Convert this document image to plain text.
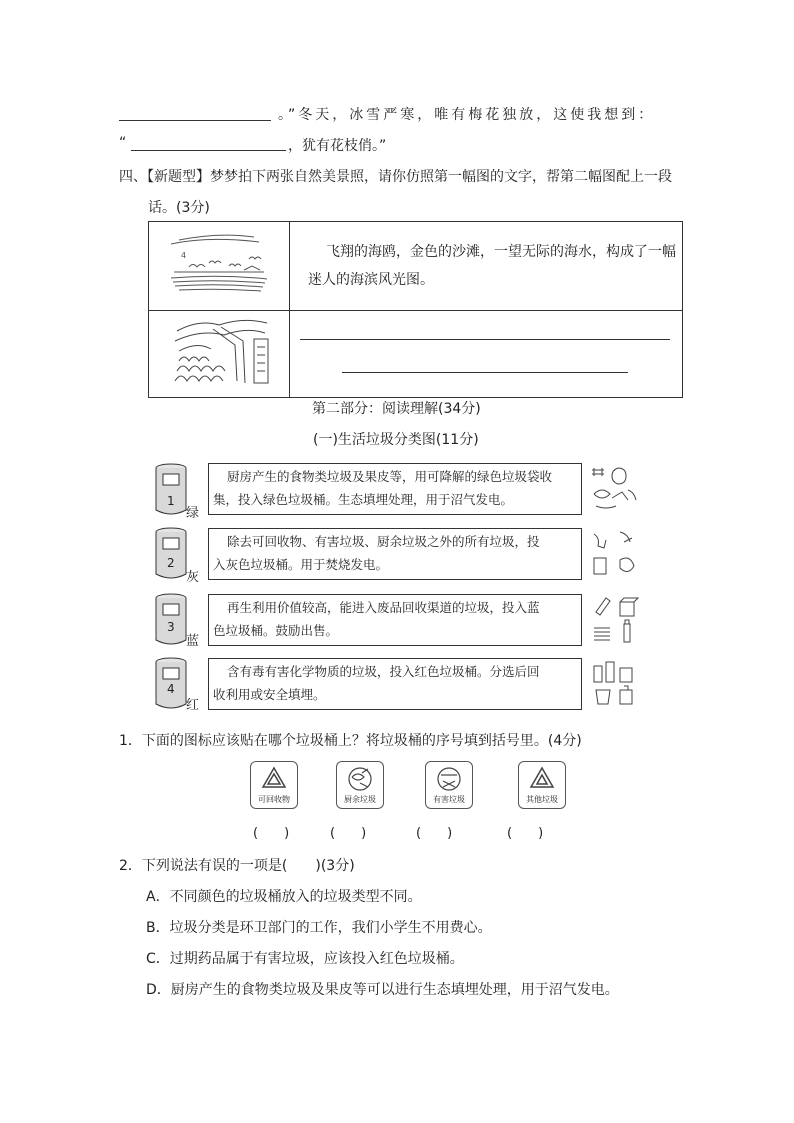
。”冬天，冰雪严寒，唯有梅花独放，这使我想到：
“	，犹有花枝俏。”
四、【新题型】梦梦拍下两张自然美景照，请你仿照第一幅图的文字，帮第二幅图配上一段
话。(3分)
4	飞翔的海鸥，金色的沙滩，一望无际的海水，构成了一幅
迷人的海滨风光图。

第二部分：阅读理解(34分)
(一)生活垃圾分类图(11分)
1
绿
厨房产生的食物类垃圾及果皮等，用可降解的绿色垃圾袋收
集，投入绿色垃圾桶。生态填埋处理，用于沼气发电。
2
灰
除去可回收物、有害垃圾、厨余垃圾之外的所有垃圾，投
入灰色垃圾桶。用于焚烧发电。
3
蓝
再生利用价值较高，能进入废品回收渠道的垃圾，投入蓝
色垃圾桶。鼓励出售。
4
红
含有毒有害化学物质的垃圾，投入红色垃圾桶。分选后回
收利用或安全填埋。
1．下面的图标应该贴在哪个垃圾桶上？将垃圾桶的序号填到括号里。(4分)
可回收物	厨余垃圾	有害垃圾	其他垃圾
(　　)	(　　)	(　　)	(　　)
2．下列说法有误的一项是(　　)(3分)
A．不同颜色的垃圾桶放入的垃圾类型不同。
B．垃圾分类是环卫部门的工作，我们小学生不用费心。
C．过期药品属于有害垃圾，应该投入红色垃圾桶。
D．厨房产生的食物类垃圾及果皮等可以进行生态填埋处理，用于沼气发电。
